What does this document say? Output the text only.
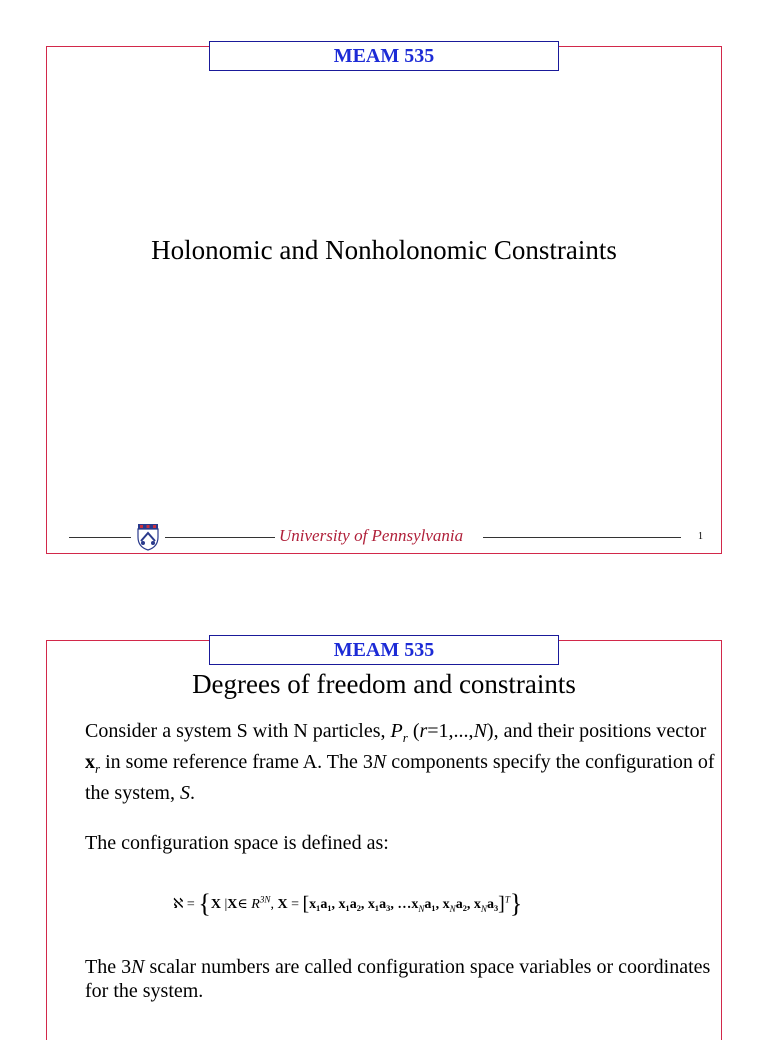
MEAM 535
Holonomic and Nonholonomic Constraints
University of Pennsylvania	1
MEAM 535
Degrees of freedom and constraints
Consider a system S with N particles, $P_r$ (r=1,...,N), and their positions vector $x_r$ in some reference frame A. The 3N components specify the configuration of the system, S.
The configuration space is defined as:
ℵ = {X |X∈ $R^{3N}$, X = [x₁a₁, x₁a₂, x₁a₃, $\dots x_Na_1$, $x_Na_2$, $x_Na_3]^T$}
The 3N scalar numbers are called configuration space variables or coordinates for the system.
